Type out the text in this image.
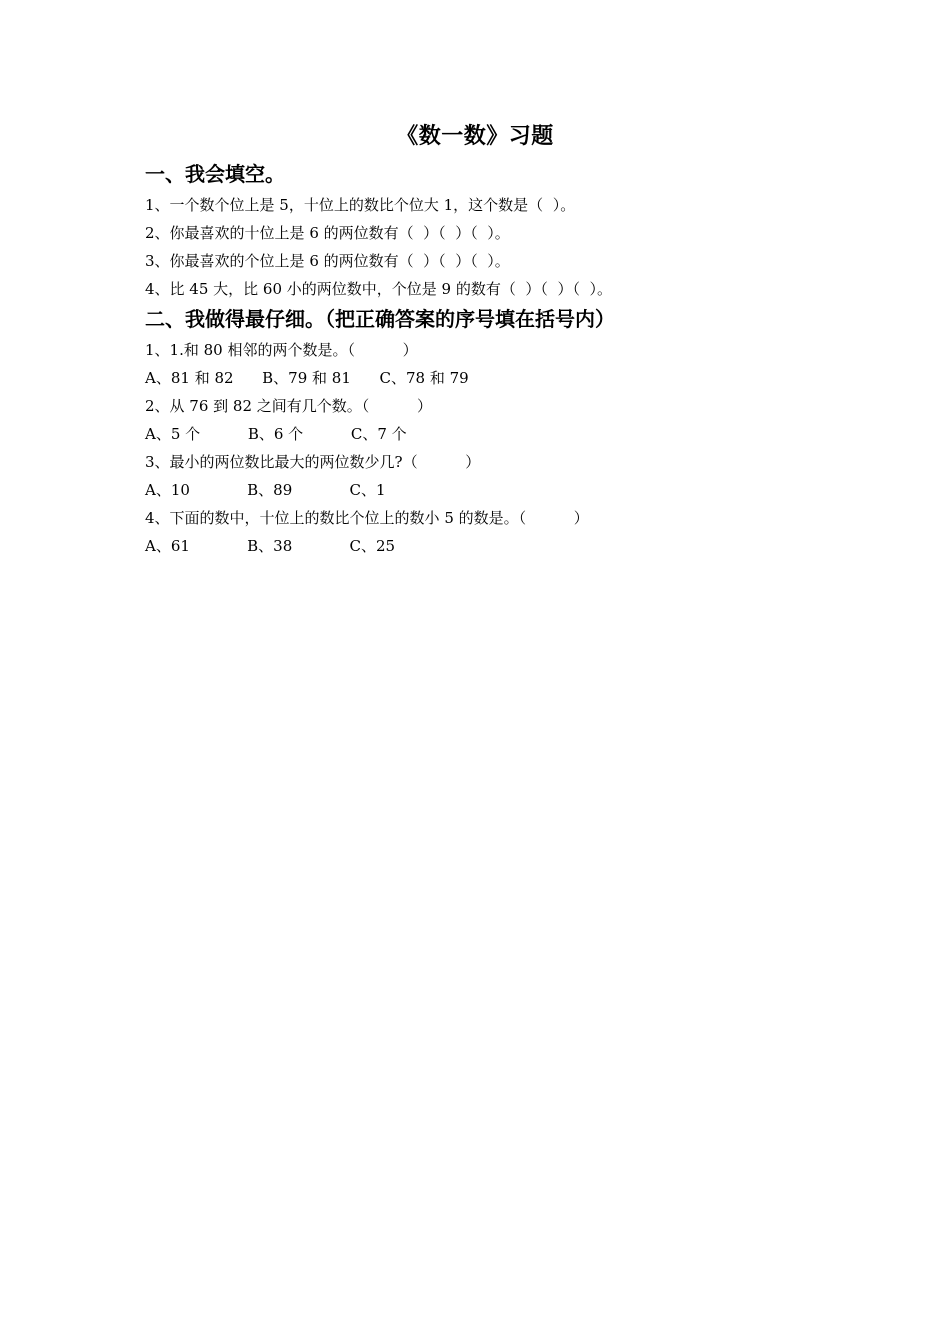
《数一数》习题
一、我会填空。
1、一个数个位上是 5，十位上的数比个位大 1，这个数是（  ）。
2、你最喜欢的十位上是 6 的两位数有（  ）（  ）（  ）。
3、你最喜欢的个位上是 6 的两位数有（  ）（  ）（  ）。
4、比 45 大，比 60 小的两位数中，个位是 9 的数有（  ）（  ）（  ）。
二、我做得最仔细。（把正确答案的序号填在括号内）
1、1.和 80 相邻的两个数是。（          ）
A、81 和 82      B、79 和 81      C、78 和 79
2、从 76 到 82 之间有几个数。（          ）
A、5 个          B、6 个          C、7 个
3、最小的两位数比最大的两位数少几?（          ）
A、10            B、89            C、1
4、下面的数中，十位上的数比个位上的数小 5 的数是。（          ）
A、61            B、38            C、25
